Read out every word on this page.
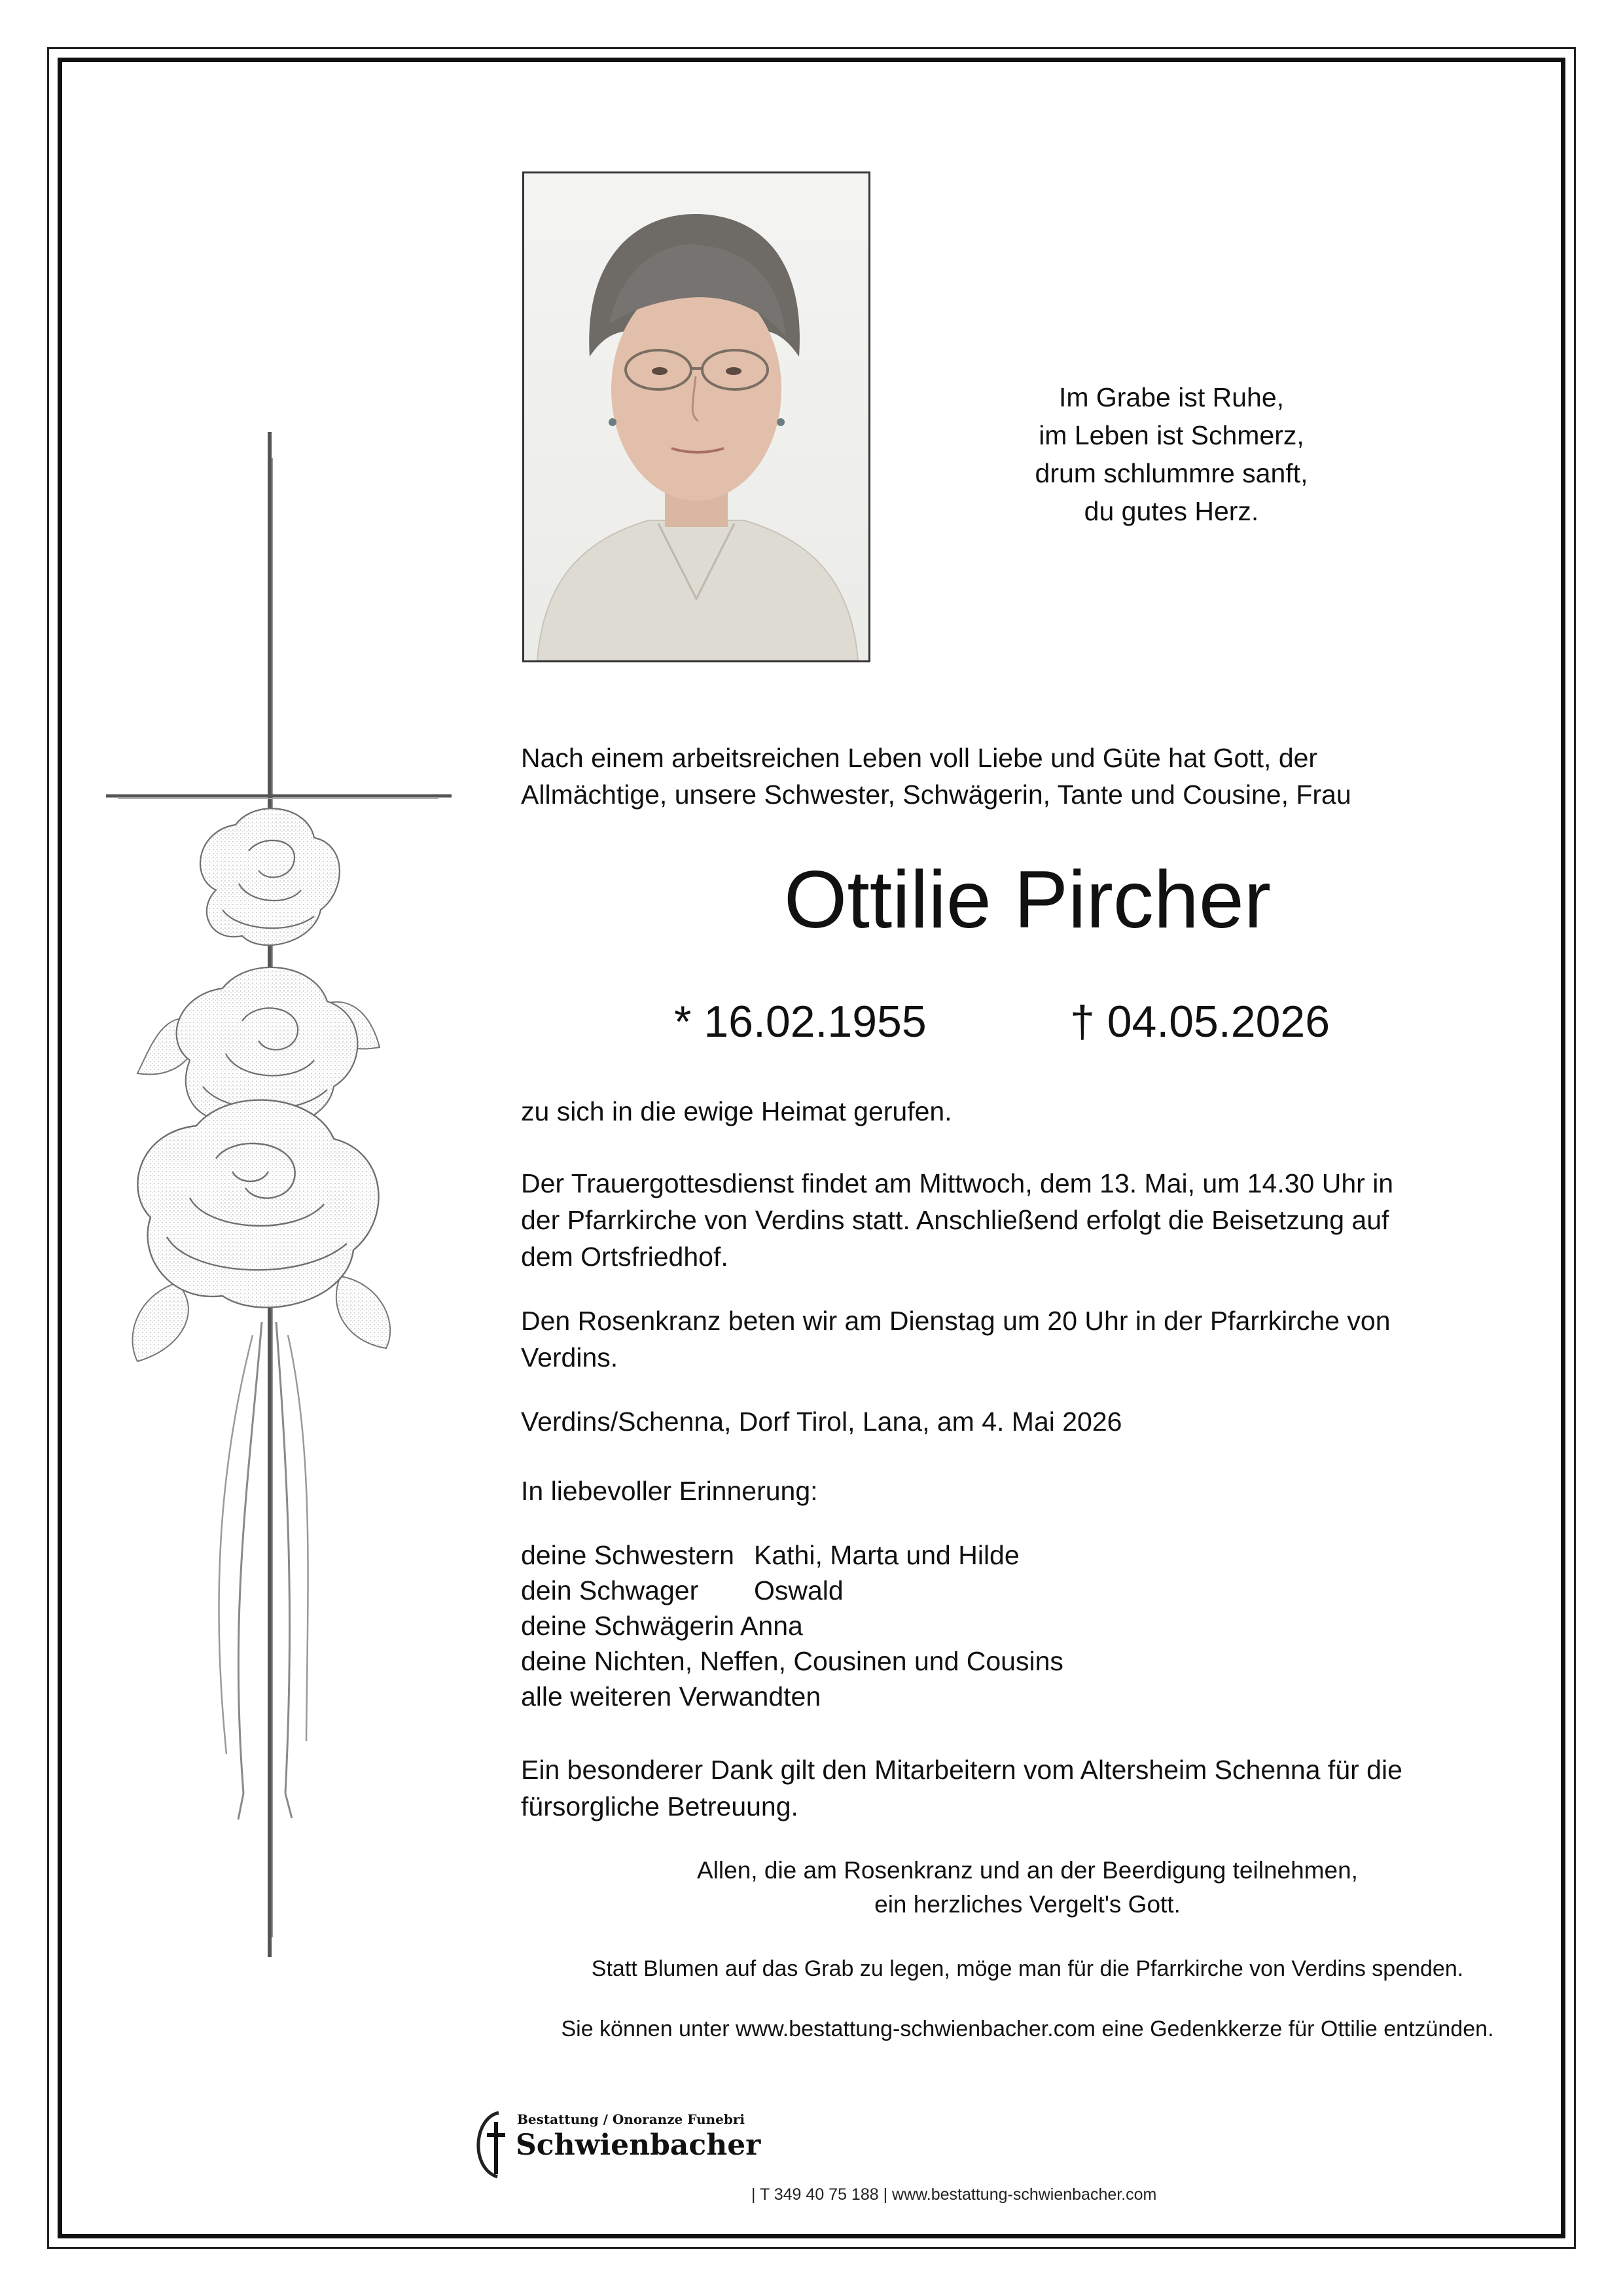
Im Grabe ist Ruhe,
im Leben ist Schmerz,
drum schlummre sanft,
du gutes Herz.
Nach einem arbeitsreichen Leben voll Liebe und Güte hat Gott, der
Allmächtige, unsere Schwester, Schwägerin, Tante und Cousine, Frau
Ottilie Pircher
* 16.02.1955	† 04.05.2026
zu sich in die ewige Heimat gerufen.
Der Trauergottesdienst findet am Mittwoch, dem 13. Mai, um 14.30 Uhr in
der Pfarrkirche von Verdins statt. Anschließend erfolgt die Beisetzung auf
dem Ortsfriedhof.
Den Rosenkranz beten wir am Dienstag um 20 Uhr in der Pfarrkirche von
Verdins.
Verdins/Schenna, Dorf Tirol, Lana, am 4. Mai 2026
In liebevoller Erinnerung:
deine Schwestern Kathi, Marta und Hilde
dein Schwager Oswald
deine Schwägerin Anna
deine Nichten, Neffen, Cousinen und Cousins
alle weiteren Verwandten
Ein besonderer Dank gilt den Mitarbeitern vom Altersheim Schenna für die
fürsorgliche Betreuung.
Allen, die am Rosenkranz und an der Beerdigung teilnehmen,
ein herzliches Vergelt's Gott.
Statt Blumen auf das Grab zu legen, möge man für die Pfarrkirche von Verdins spenden.
Sie können unter www.bestattung-schwienbacher.com eine Gedenkkerze für Ottilie entzünden.
Bestattung / Onoranze Funebri
Schwienbacher
| T 349 40 75 188 | www.bestattung-schwienbacher.com
